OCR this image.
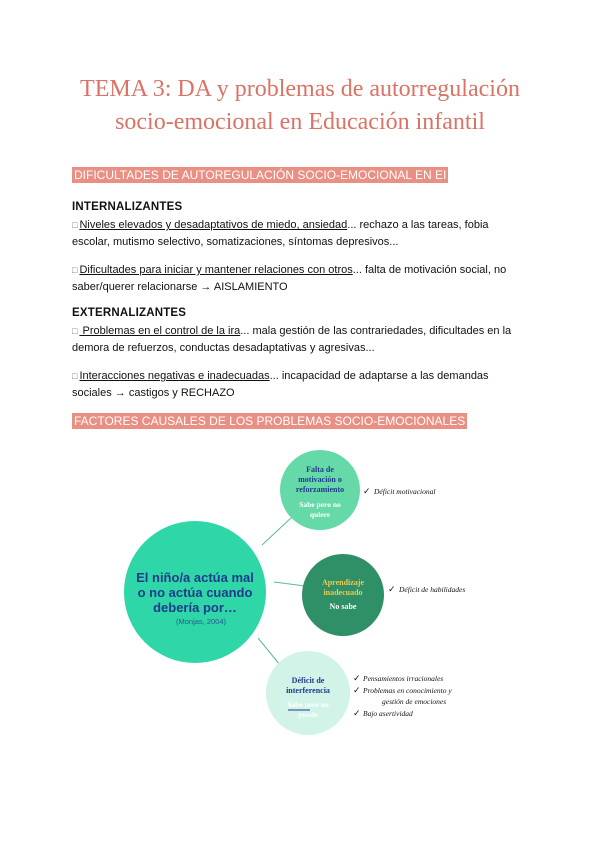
TEMA 3: DA y problemas de autorregulación
socio-emocional en Educación infantil
DIFICULTADES DE AUTOREGULACIÓN SOCIO-EMOCIONAL EN EI
INTERNALIZANTES
□ Niveles elevados y desadaptativos de miedo, ansiedad... rechazo a las tareas, fobia
escolar, mutismo selectivo, somatizaciones, síntomas depresivos...
□ Dificultades para iniciar y mantener relaciones con otros... falta de motivación social, no
saber/querer relacionarse → AISLAMIENTO
EXTERNALIZANTES
□ Problemas en el control de la ira... mala gestión de las contrariedades, dificultades en la
demora de refuerzos, conductas desadaptativas y agresivas...
□ Interacciones negativas e inadecuadas... incapacidad de adaptarse a las demandas
sociales → castigos y RECHAZO
FACTORES CAUSALES DE LOS PROBLEMAS SOCIO-EMOCIONALES
El niño/a actúa mal
o no actúa cuando
debería por…
(Monjas, 2004)
Falta de
motivación o
reforzamiento
Sabe pero no
quiere
Aprendizaje
inadecuado
No sabe
Déficit de
interferencia
Sabe pero no
puede
✓ Déficit motivacional
✓ Déficit de habilidades
✓ Pensamientos irracionales
✓ Problemas en conocimiento y
gestión de emociones
✓ Bajo asertividad
